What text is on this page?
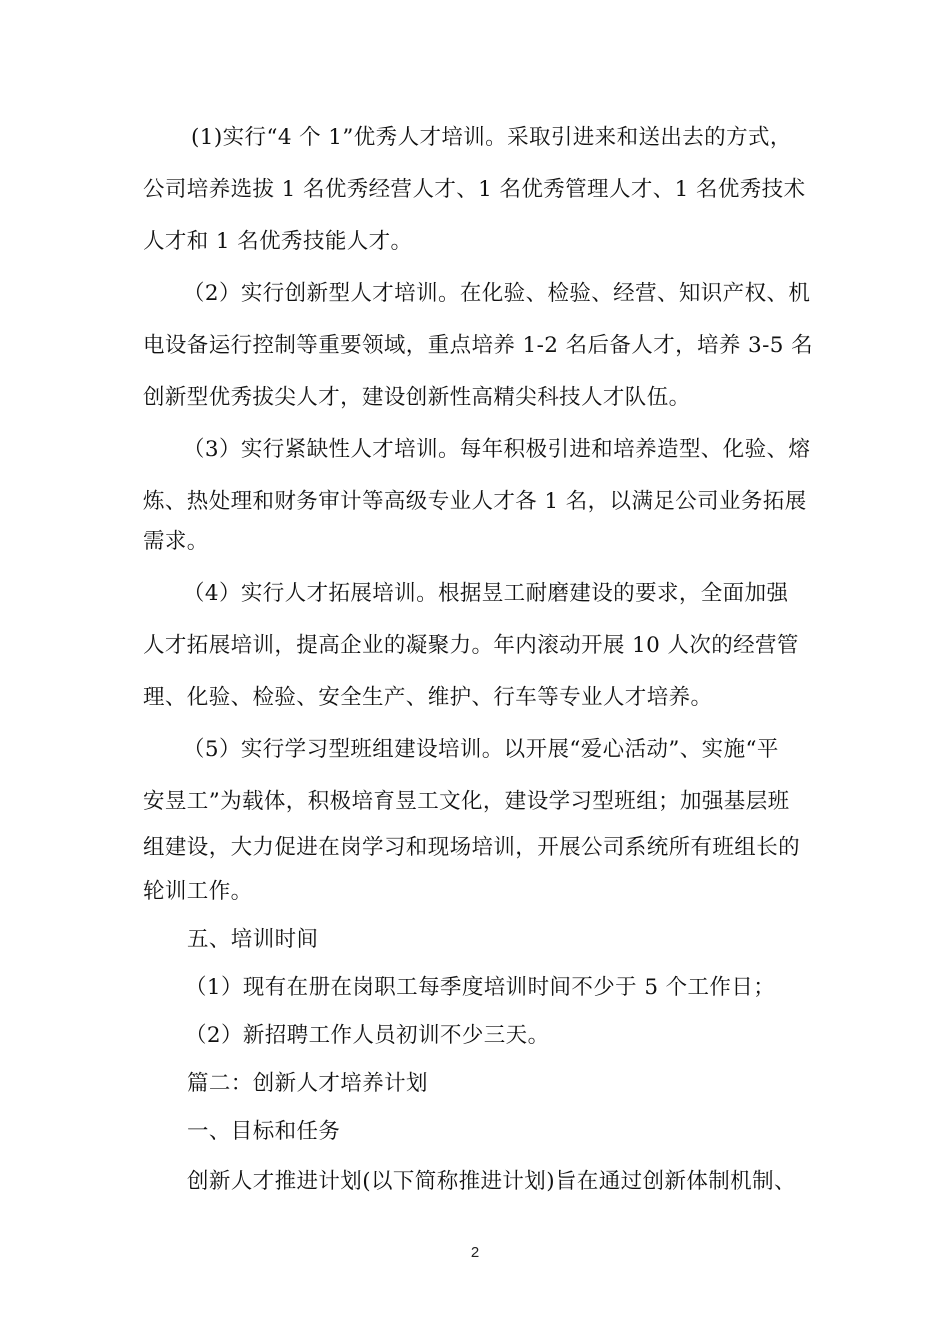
(1)实行“4 个 1”优秀人才培训。采取引进来和送出去的方式，
公司培养选拔 1 名优秀经营人才、1 名优秀管理人才、1 名优秀技术
人才和 1 名优秀技能人才。
（2）实行创新型人才培训。在化验、检验、经营、知识产权、机
电设备运行控制等重要领域，重点培养 1-2 名后备人才，培养 3-5 名
创新型优秀拔尖人才，建设创新性高精尖科技人才队伍。
（3）实行紧缺性人才培训。每年积极引进和培养造型、化验、熔
炼、热处理和财务审计等高级专业人才各 1 名，以满足公司业务拓展
需求。
（4）实行人才拓展培训。根据昱工耐磨建设的要求，全面加强
人才拓展培训，提高企业的凝聚力。年内滚动开展 10 人次的经营管
理、化验、检验、安全生产、维护、行车等专业人才培养。
（5）实行学习型班组建设培训。以开展“爱心活动”、实施“平
安昱工”为载体，积极培育昱工文化，建设学习型班组；加强基层班
组建设，大力促进在岗学习和现场培训，开展公司系统所有班组长的
轮训工作。
五、培训时间
（1）现有在册在岗职工每季度培训时间不少于 5 个工作日；
（2）新招聘工作人员初训不少三天。
篇二：创新人才培养计划
一、目标和任务
创新人才推进计划(以下简称推进计划)旨在通过创新体制机制、
2
